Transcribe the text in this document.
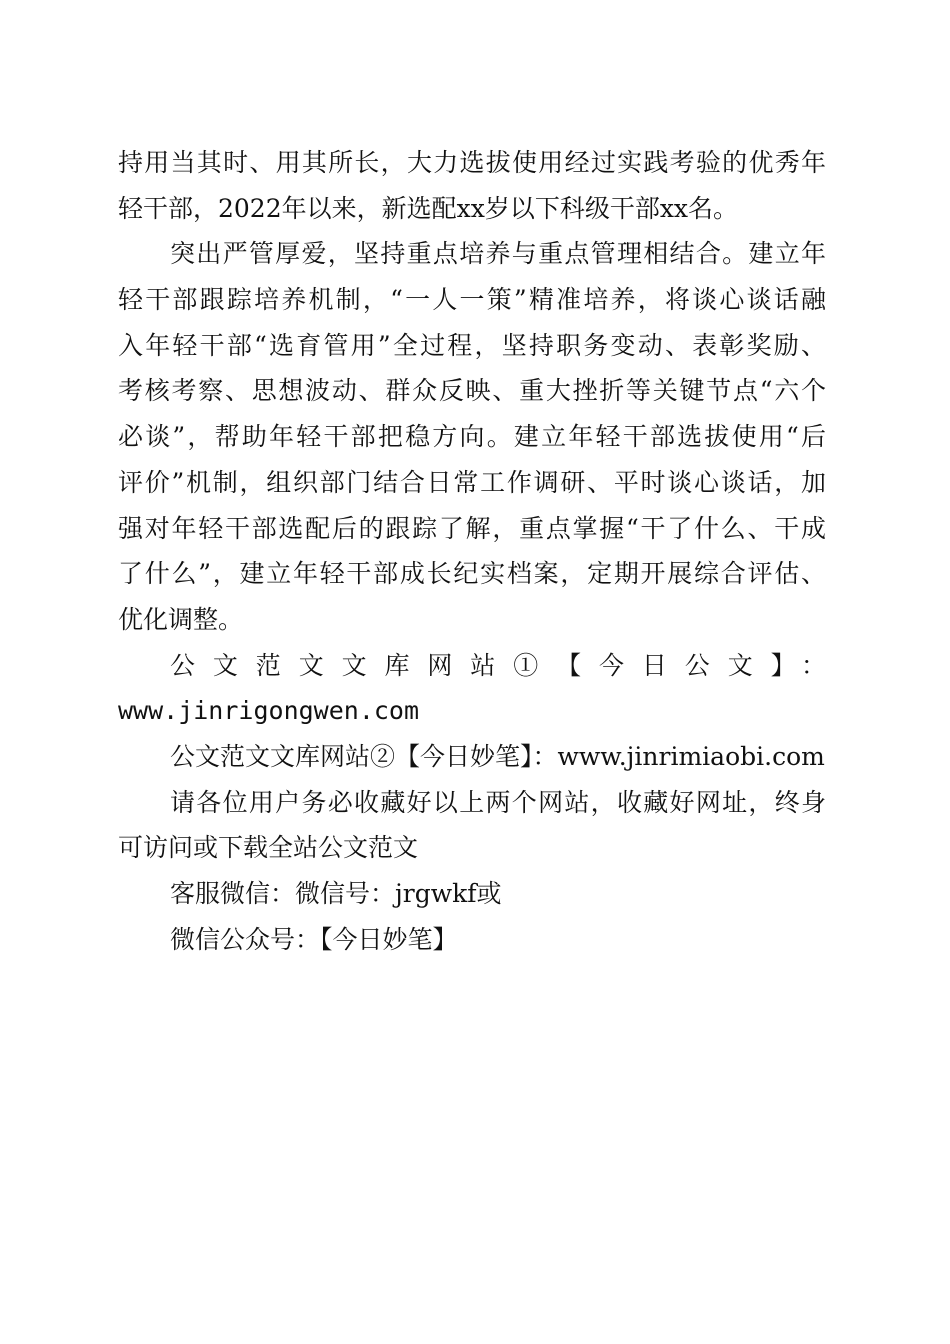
持用当其时、用其所长，大力选拔使用经过实践考验的优秀年
轻干部，2022年以来，新选配xx岁以下科级干部xx名。
突出严管厚爱，坚持重点培养与重点管理相结合。建立年
轻干部跟踪培养机制，“一人一策”精准培养，将谈心谈话融
入年轻干部“选育管用”全过程，坚持职务变动、表彰奖励、
考核考察、思想波动、群众反映、重大挫折等关键节点“六个
必谈”，帮助年轻干部把稳方向。建立年轻干部选拔使用“后
评价”机制，组织部门结合日常工作调研、平时谈心谈话，加
强对年轻干部选配后的跟踪了解，重点掌握“干了什么、干成
了什么”，建立年轻干部成长纪实档案，定期开展综合评估、
优化调整。
公文范文文库网站①【今日公文】：
www.jinrigongwen.com
公文范文文库网站②【今日妙笔】：www.jinrimiaobi.com
请各位用户务必收藏好以上两个网站，收藏好网址，终身
可访问或下载全站公文范文
客服微信：微信号：jrgwkf或
微信公众号：【今日妙笔】
